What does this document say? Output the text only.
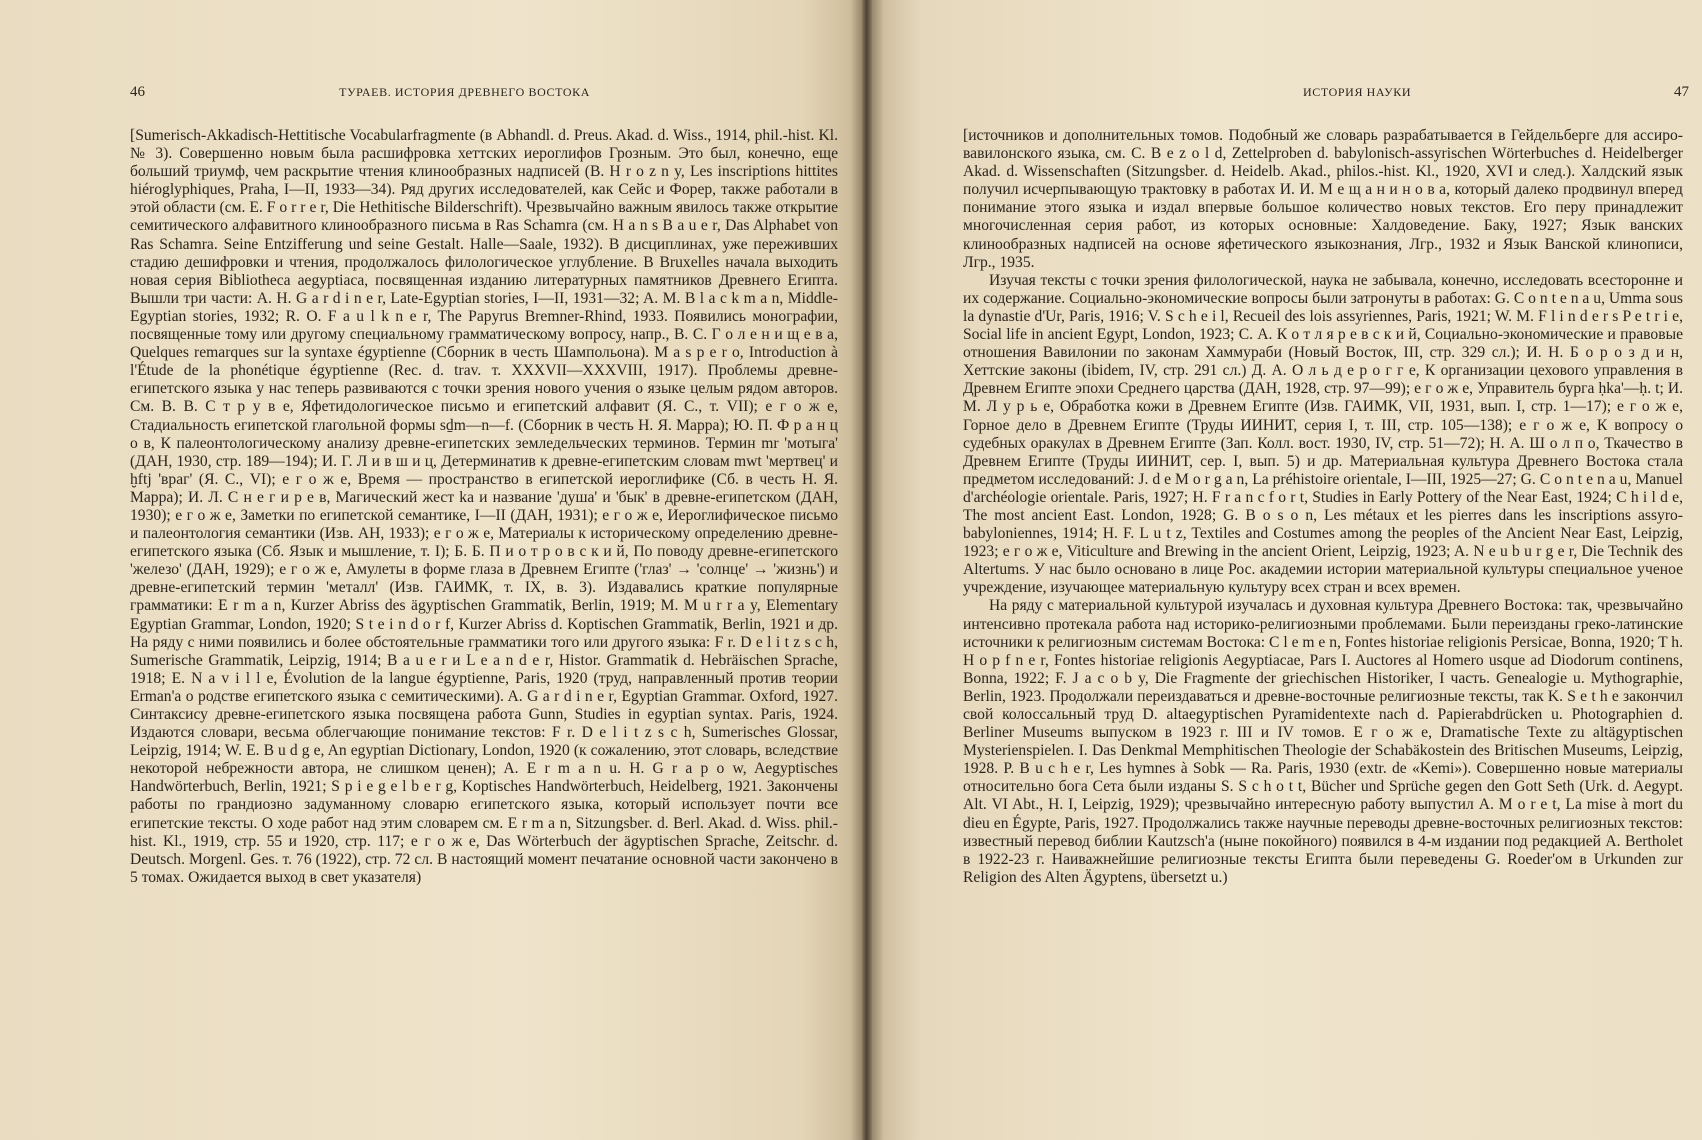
46	ТУРАЕВ. ИСТОРИЯ ДРЕВНЕГО ВОСТОКА

[Sumerisch-Akkadisch-Hettitische Vocabularfragmente (в Abhandl. d. Preus. Akad. d. Wiss., 1914, phil.-hist. Kl. № 3). Совершенно новым была расшифровка хеттских иероглифов Грозным. Это был, конечно, еще больший триумф, чем раскрытие чтения клинообразных надписей (B. H r o z n y, Les inscriptions hittites hiéroglyphiques, Praha, I—II, 1933—34). Ряд других исследователей, как Сейс и Форер, также работали в этой области (см. E. F o r r e r, Die Hethitische Bilderschrift). Чрезвычайно важным явилось также открытие семитического алфавитного клинообразного письма в Ras Schamra (см. H a n s B a u e r, Das Alphabet von Ras Schamra. Seine Entzifferung und seine Gestalt. Halle—Saale, 1932). В дисциплинах, уже переживших стадию дешифровки и чтения, продолжалось филологическое углубление. В Bruxelles начала выходить новая серия Bibliotheca aegyptiaca, посвященная изданию литературных памятников Древнего Египта. Вышли три части: A. H. G a r d i n e r, Late-Egyptian stories, I—II, 1931—32; A. M. B l a c k m a n, Middle-Egyptian stories, 1932; R. O. F a u l k n e r, The Papyrus Bremner-Rhind, 1933. Появились монографии, посвященные тому или другому специальному грамматическому вопросу, напр., В. С. Г о л е н и щ е в а, Quelques remarques sur la syntaxe égyptienne (Сборник в честь Шампольона). M a s p e r o, Introduction à l'Étude de la phonétique égyptienne (Rec. d. trav. т. XXXVII—XXXVIII, 1917). Проблемы древне-египетского языка у нас теперь развиваются с точки зрения нового учения о языке целым рядом авторов. См. В. В. С т р у в е, Яфетидологическое письмо и египетский алфавит (Я. С., т. VII); е г о ж е, Стадиальность египетской глагольной формы sḏm—n—f. (Сборник в честь Н. Я. Марра); Ю. П. Ф р а н ц о в, К палеонтологическому анализу древне-египетских земледельческих терминов. Термин mr 'мотыга' (ДАН, 1930, стр. 189—194); И. Г. Л и в ш и ц, Детерминатив к древне-египетским словам mwt 'мертвец' и ḫftj 'враг' (Я. С., VI); е г о ж е, Время — пространство в египетской иероглифике (Сб. в честь Н. Я. Марра); И. Л. С н е г и р е в, Магический жест ka и название 'душа' и 'бык' в древне-египетском (ДАН, 1930); е г о ж е, Заметки по египетской семантике, I—II (ДАН, 1931); е г о ж е, Иероглифическое письмо и палеонтология семантики (Изв. АН, 1933); е г о ж е, Материалы к историческому определению древне-египетского языка (Сб. Язык и мышление, т. I); Б. Б. П и о т р о в с к и й, По поводу древне-египетского 'железо' (ДАН, 1929); е г о ж е, Амулеты в форме глаза в Древнем Египте ('глаз' → 'солнце' → 'жизнь') и древне-египетский термин 'металл' (Изв. ГАИМК, т. IX, в. 3). Издавались краткие популярные грамматики: E r m a n, Kurzer Abriss des ägyptischen Grammatik, Berlin, 1919; M. M u r r a y, Elementary Egyptian Grammar, London, 1920; S t e i n d o r f, Kurzer Abriss d. Koptischen Grammatik, Berlin, 1921 и др. На ряду с ними появились и более обстоятельные грамматики того или другого языка: F r. D e l i t z s c h, Sumerische Grammatik, Leipzig, 1914; B a u e r и L e a n d e r, Histor. Grammatik d. Hebräischen Sprache, 1918; E. N a v i l l e, Évolution de la langue égyptienne, Paris, 1920 (труд, направленный против теории Erman'a о родстве египетского языка с семитическими). A. G a r d i n e r, Egyptian Grammar. Oxford, 1927. Синтаксису древне-египетского языка посвящена работа Gunn, Studies in egyptian syntax. Paris, 1924. Издаются словари, весьма облегчающие понимание текстов: F r. D e l i t z s c h, Sumerisches Glossar, Leipzig, 1914; W. E. B u d g e, An egyptian Dictionary, London, 1920 (к сожалению, этот словарь, вследствие некоторой небрежности автора, не слишком ценен); A. E r m a n u. H. G r a p o w, Aegyptisches Handwörterbuch, Berlin, 1921; S p i e g e l b e r g, Koptisches Handwörterbuch, Heidelberg, 1921. Закончены работы по грандиозно задуманному словарю египетского языка, который использует почти все египетские тексты. О ходе работ над этим словарем см. E r m a n, Sitzungsber. d. Berl. Akad. d. Wiss. phil.-hist. Kl., 1919, стр. 55 и 1920, стр. 117; е г о ж е, Das Wörterbuch der ägyptischen Sprache, Zeitschr. d. Deutsch. Morgenl. Ges. т. 76 (1922), стр. 72 сл. В настоящий момент печатание основной части закончено в 5 томах. Ожидается выход в свет указателя)

ИСТОРИЯ НАУКИ	47

[источников и дополнительных томов. Подобный же словарь разрабатывается в Гейдельберге для ассиро-вавилонского языка, см. C. B e z o l d, Zettelproben d. babylonisch-assyrischen Wörterbuches d. Heidelberger Akad. d. Wissenschaften (Sitzungsber. d. Heidelb. Akad., philos.-hist. Kl., 1920, XVI и след.). Халдский язык получил исчерпывающую трактовку в работах И. И. М е щ а н и н о в а, который далеко продвинул вперед понимание этого языка и издал впервые большое количество новых текстов. Его перу принадлежит многочисленная серия работ, из которых основные: Халдоведение. Баку, 1927; Язык ванских клинообразных надписей на основе яфетического языкознания, Лгр., 1932 и Язык Ванской клинописи, Лгр., 1935.

Изучая тексты с точки зрения филологической, наука не забывала, конечно, исследовать всесторонне и их содержание. Социально-экономические вопросы были затронуты в работах: G. C o n t e n a u, Umma sous la dynastie d'Ur, Paris, 1916; V. S c h e i l, Recueil des lois assyriennes, Paris, 1921; W. M. F l i n d e r s P e t r i e, Social life in ancient Egypt, London, 1923; С. А. К о т л я р е в с к и й, Социально-экономические и правовые отношения Вавилонии по законам Хаммураби (Новый Восток, III, стр. 329 сл.); И. Н. Б о р о з д и н, Хеттские законы (ibidem, IV, стр. 291 сл.) Д. А. О л ь д е р о г г е, К организации цехового управления в Древнем Египте эпохи Среднего царства (ДАН, 1928, стр. 97—99); е г о ж е, Управитель бурга ḥka'—ḥ. t; И. М. Л у р ь е, Обработка кожи в Древнем Египте (Изв. ГАИМК, VII, 1931, вып. I, стр. 1—17); е г о ж е, Горное дело в Древнем Египте (Труды ИИНИТ, серия I, т. III, стр. 105—138); е г о ж е, К вопросу о судебных оракулах в Древнем Египте (Зап. Колл. вост. 1930, IV, стр. 51—72); Н. А. Ш о л п о, Ткачество в Древнем Египте (Труды ИИНИТ, сер. I, вып. 5) и др. Материальная культура Древнего Востока стала предметом исследований: J. d e M o r g a n, La préhistoire orientale, I—III, 1925—27; G. C o n t e n a u, Manuel d'archéologie orientale. Paris, 1927; H. F r a n c f o r t, Studies in Early Pottery of the Near East, 1924; C h i l d e, The most ancient East. London, 1928; G. B o s o n, Les métaux et les pierres dans les inscriptions assyro-babyloniennes, 1914; H. F. L u t z, Textiles and Costumes among the peoples of the Ancient Near East, Leipzig, 1923; е г о ж е, Viticulture and Brewing in the ancient Orient, Leipzig, 1923; A. N e u b u r g e r, Die Technik des Altertums. У нас было основано в лице Рос. академии истории материальной культуры специальное ученое учреждение, изучающее материальную культуру всех стран и всех времен.

На ряду с материальной культурой изучалась и духовная культура Древнего Востока: так, чрезвычайно интенсивно протекала работа над историко-религиозными проблемами. Были переизданы греко-латинские источники к религиозным системам Востока: C l e m e n, Fontes historiae religionis Persicae, Bonna, 1920; T h. H o p f n e r, Fontes historiae religionis Aegyptiacae, Pars I. Auctores al Homero usque ad Diodorum continens, Bonna, 1922; F. J a c o b y, Die Fragmente der griechischen Historiker, I часть. Genealogie u. Mythographie, Berlin, 1923. Продолжали переиздаваться и древне-восточные религиозные тексты, так K. S e t h e закончил свой колоссальный труд D. altaegyptischen Pyramidentexte nach d. Papierabdrücken u. Photographien d. Berliner Museums выпуском в 1923 г. III и IV томов. Е г о ж е, Dramatische Texte zu altägyptischen Mysterienspielen. I. Das Denkmal Memphitischen Theologie der Schabäkostein des Britischen Museums, Leipzig, 1928. P. B u c h e r, Les hymnes à Sobk — Ra. Paris, 1930 (extr. de «Kemi»). Совершенно новые материалы относительно бога Сета были изданы S. S c h o t t, Bücher und Sprüche gegen den Gott Seth (Urk. d. Aegypt. Alt. VI Abt., H. I, Leipzig, 1929); чрезвычайно интересную работу выпустил A. M o r e t, La mise à mort du dieu en Égypte, Paris, 1927. Продолжались также научные переводы древне-восточных религиозных текстов: известный перевод библии Kautzsch'a (ныне покойного) появился в 4-м издании под редакцией A. Bertholet в 1922-23 г. Наиважнейшие религиозные тексты Египта были переведены G. Roeder'ом в Urkunden zur Religion des Alten Ägyptens, übersetzt u.)
